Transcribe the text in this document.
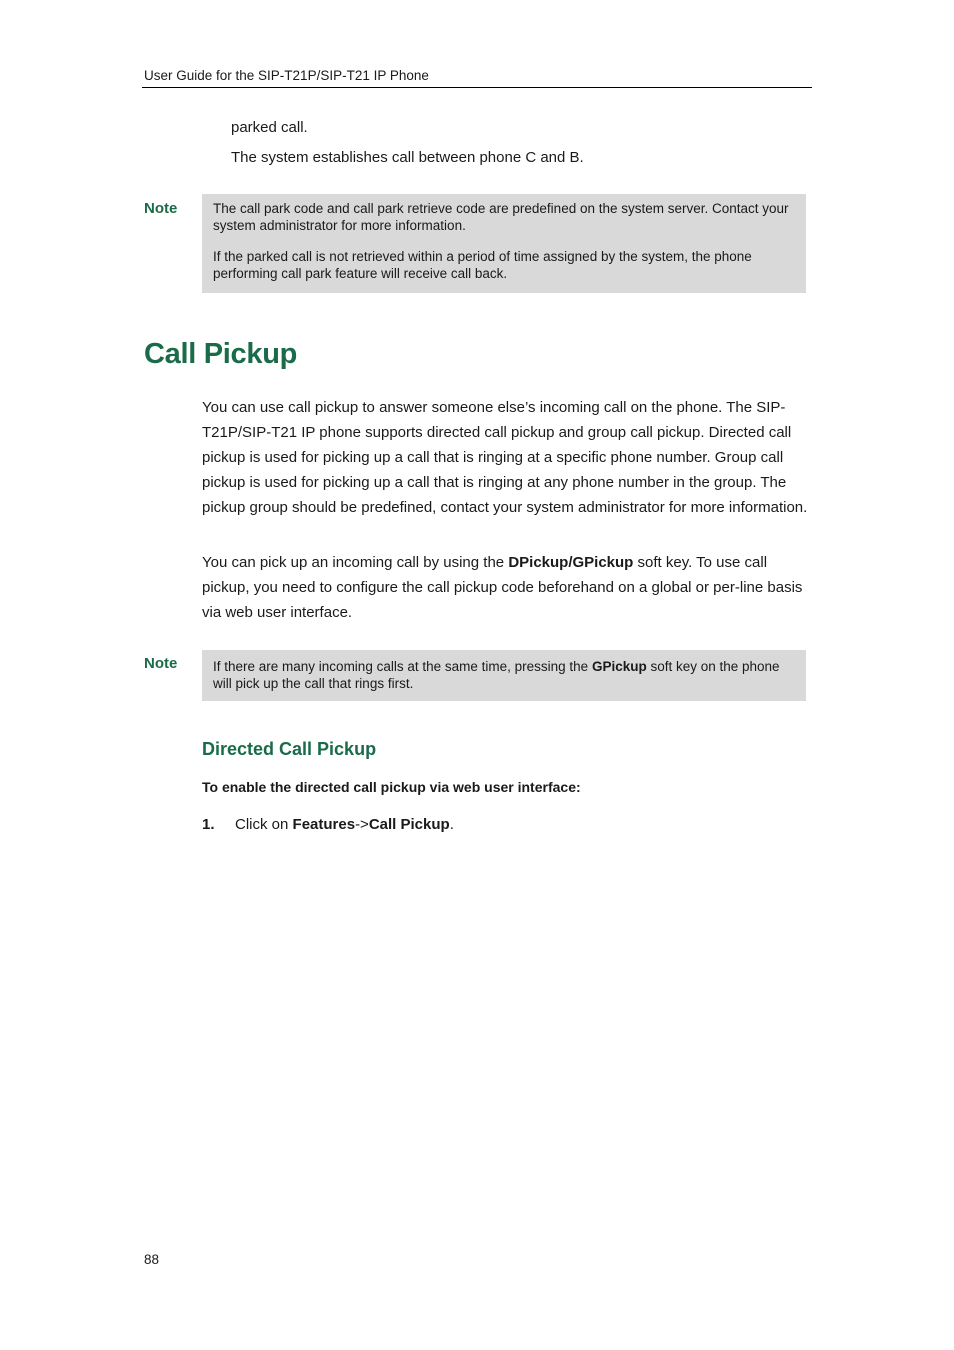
User Guide for the SIP-T21P/SIP-T21 IP Phone

parked call.

The system establishes call between phone C and B.

Note	The call park code and call park retrieve code are predefined on the system server. Contact your system administrator for more information.

If the parked call is not retrieved within a period of time assigned by the system, the phone performing call park feature will receive call back.

Call Pickup

You can use call pickup to answer someone else’s incoming call on the phone. The SIP-T21P/SIP-T21 IP phone supports directed call pickup and group call pickup. Directed call pickup is used for picking up a call that is ringing at a specific phone number. Group call pickup is used for picking up a call that is ringing at any phone number in the group. The pickup group should be predefined, contact your system administrator for more information.

You can pick up an incoming call by using the DPickup/GPickup soft key. To use call pickup, you need to configure the call pickup code beforehand on a global or per-line basis via web user interface.

Note	If there are many incoming calls at the same time, pressing the GPickup soft key on the phone will pick up the call that rings first.

Directed Call Pickup
To enable the directed call pickup via web user interface:
1. Click on Features->Call Pickup.
88
